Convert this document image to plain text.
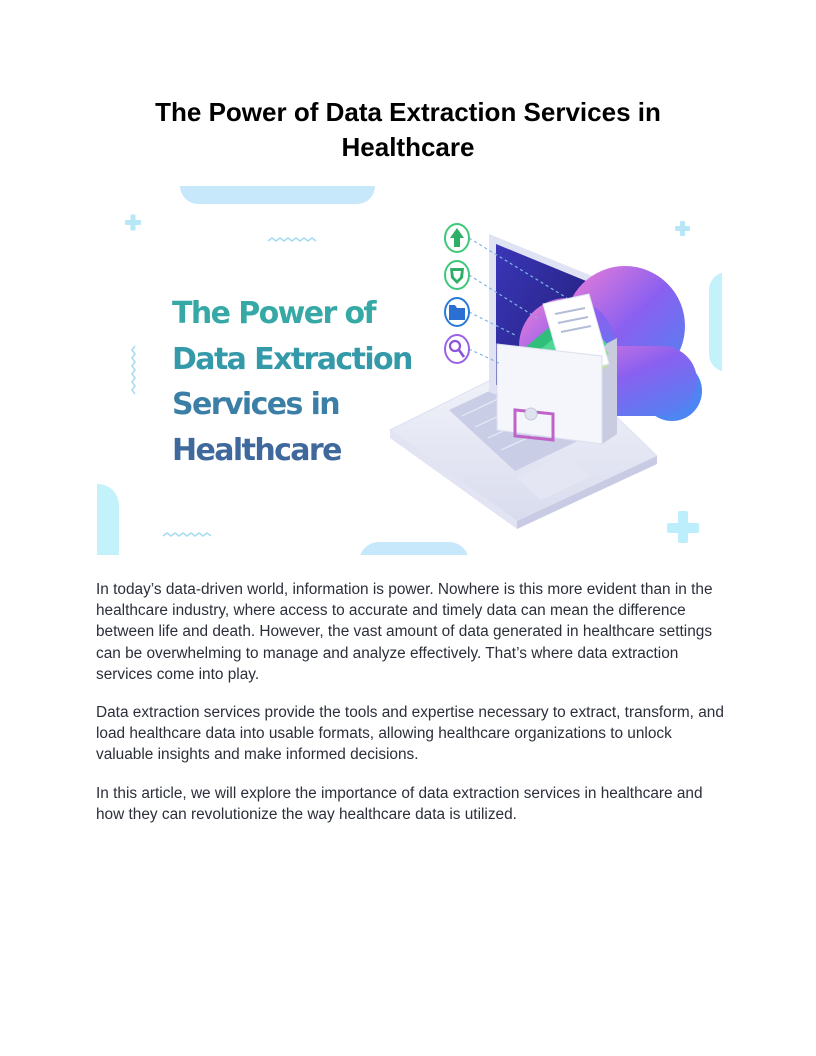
The Power of Data Extraction Services in Healthcare

The Power of
Data Extraction
Services in
Healthcare

In today’s data-driven world, information is power. Nowhere is this more evident than in the healthcare industry, where access to accurate and timely data can mean the difference between life and death. However, the vast amount of data generated in healthcare settings can be overwhelming to manage and analyze effectively. That’s where data extraction services come into play.

Data extraction services provide the tools and expertise necessary to extract, transform, and load healthcare data into usable formats, allowing healthcare organizations to unlock valuable insights and make informed decisions.

In this article, we will explore the importance of data extraction services in healthcare and how they can revolutionize the way healthcare data is utilized.
